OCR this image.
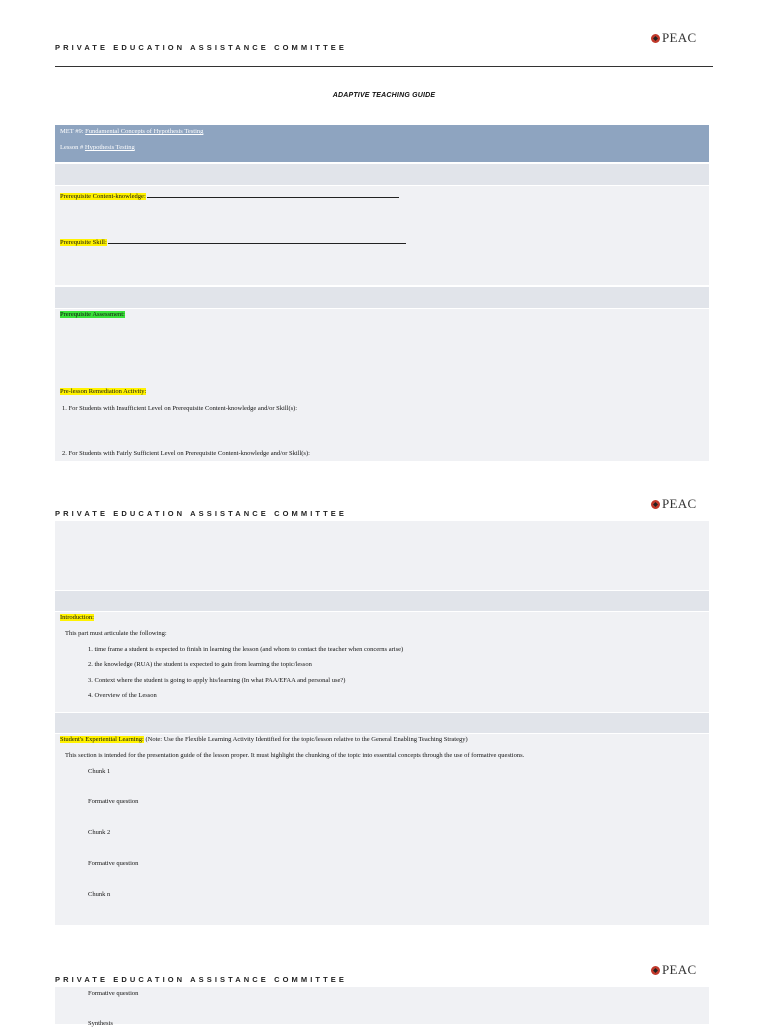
PRIVATE EDUCATION ASSISTANCE COMMITTEE
PEAC
ADAPTIVE TEACHING GUIDE
MET #9: Fundamental Concepts of Hypothesis Testing
Lesson # Hypothesis Testing
Prerequisite Content-knowledge:
Prerequisite Skill:
Prerequisite Assessment:
Pre-lesson Remediation Activity:
1. For Students with Insufficient Level on Prerequisite Content-knowledge and/or Skill(s):
2. For Students with Fairly Sufficient Level on Prerequisite Content-knowledge and/or Skill(s):
PRIVATE EDUCATION ASSISTANCE COMMITTEE
PEAC
Introduction:
This part must articulate the following:
1. time frame a student is expected to finish in learning the lesson (and whom to contact the teacher when concerns arise)
2. the knowledge (RUA) the student is expected to gain from learning the topic/lesson
3. Context where the student is going to apply his/learning (In what PAA/EFAA and personal use?)
4. Overview of the Lesson
Student's Experiential Learning: (Note: Use the Flexible Learning Activity Identified for the topic/lesson relative to the General Enabling Teaching Strategy)
This section is intended for the presentation guide of the lesson proper. It must highlight the chunking of the topic into essential concepts through the use of formative questions.
Chunk 1
Formative question
Chunk 2
Formative question
Chunk n
PRIVATE EDUCATION ASSISTANCE COMMITTEE
PEAC
Formative question
Synthesis
